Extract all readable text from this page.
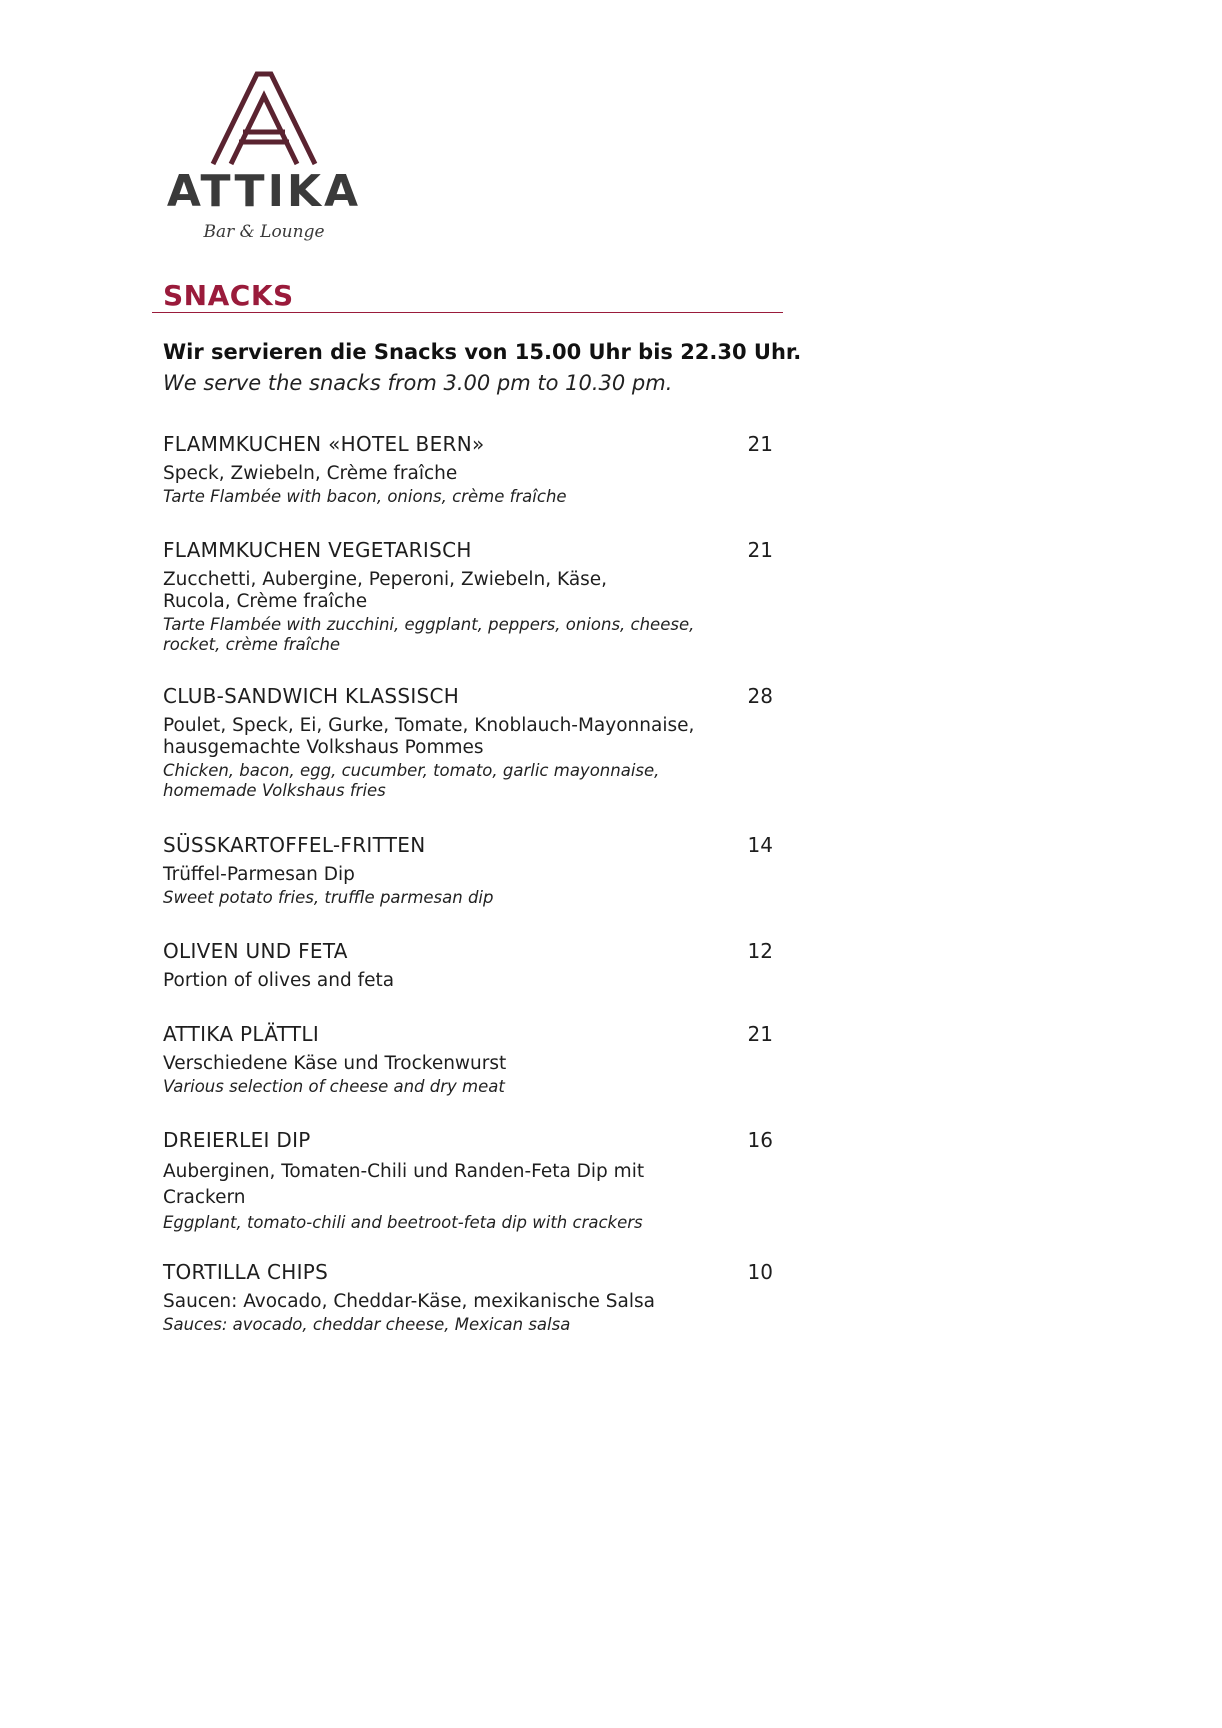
ATTIKA
Bar & Lounge
SNACKS
Wir servieren die Snacks von 15.00 Uhr bis 22.30 Uhr.
We serve the snacks from 3.00 pm to 10.30 pm.
FLAMMKUCHEN «HOTEL BERN»	21
Speck, Zwiebeln, Crème fraîche
Tarte Flambée with bacon, onions, crème fraîche
FLAMMKUCHEN VEGETARISCH	21
Zucchetti, Aubergine, Peperoni, Zwiebeln, Käse, Rucola, Crème fraîche
Tarte Flambée with zucchini, eggplant, peppers, onions, cheese, rocket, crème fraîche
CLUB-SANDWICH KLASSISCH	28
Poulet, Speck, Ei, Gurke, Tomate, Knoblauch-Mayonnaise, hausgemachte Volkshaus Pommes
Chicken, bacon, egg, cucumber, tomato, garlic mayonnaise, homemade Volkshaus fries
SÜSSKARTOFFEL-FRITTEN	14
Trüffel-Parmesan Dip
Sweet potato fries, truffle parmesan dip
OLIVEN UND FETA	12
Portion of olives and feta
ATTIKA PLÄTTLI	21
Verschiedene Käse und Trockenwurst
Various selection of cheese and dry meat
DREIERLEI DIP	16
Auberginen, Tomaten-Chili und Randen-Feta Dip mit Crackern
Eggplant, tomato-chili and beetroot-feta dip with crackers
TORTILLA CHIPS	10
Saucen: Avocado, Cheddar-Käse, mexikanische Salsa
Sauces: avocado, cheddar cheese, Mexican salsa
